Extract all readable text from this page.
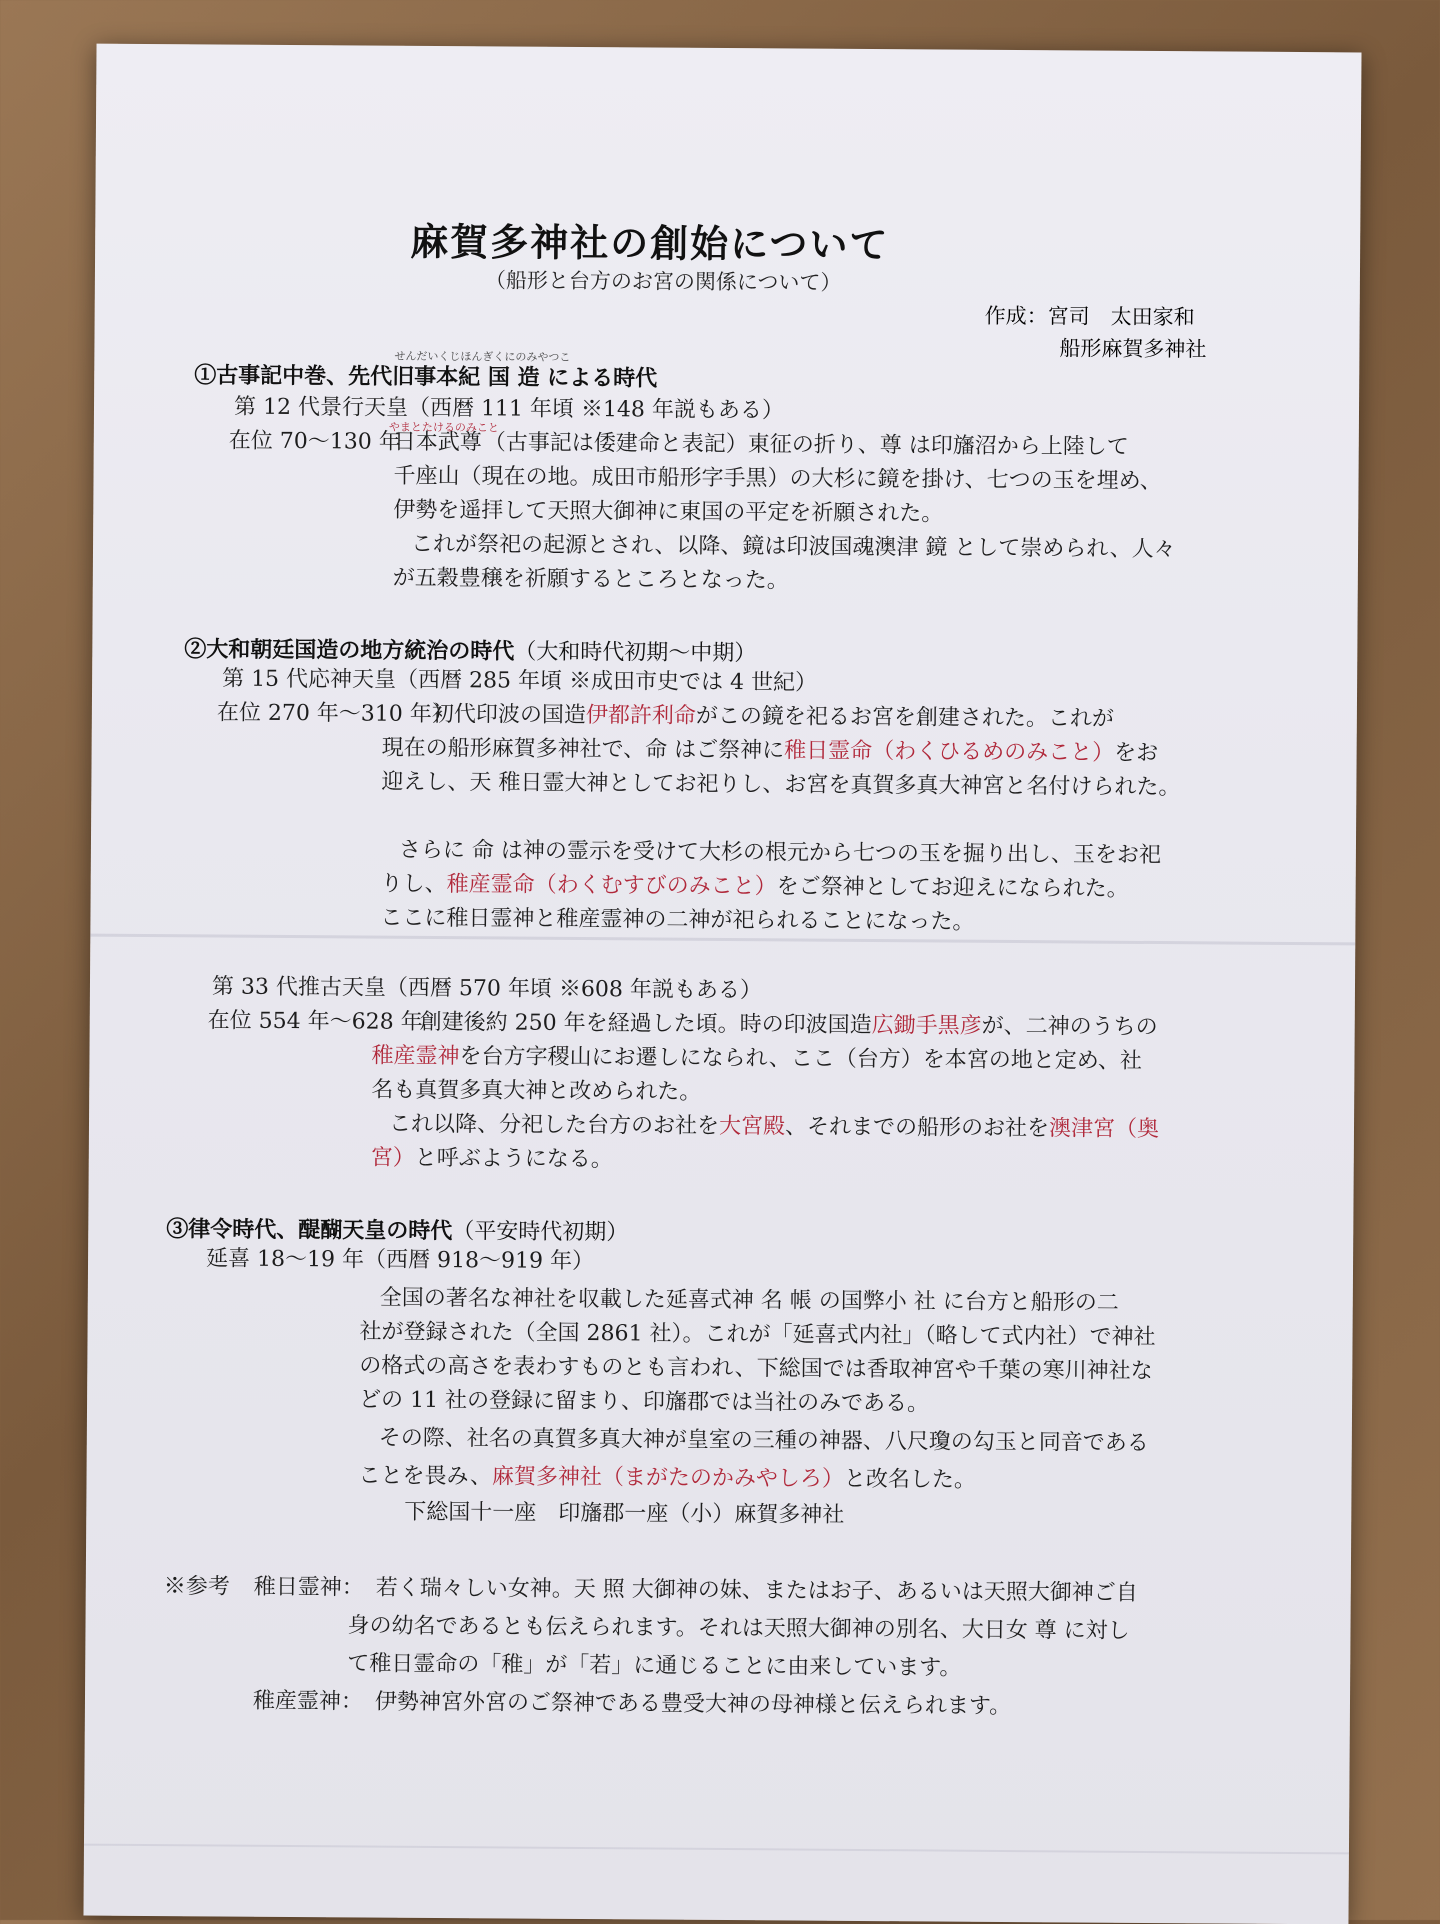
麻賀多神社の創始について
（船形と台方のお宮の関係について）
作成：宮司　太田家和
船形麻賀多神社
せんだいくじほんぎくにのみやつこ
①古事記中巻、先代旧事本紀 国 造 による時代
第 12 代景行天皇（西暦 111 年頃 ※148 年説もある）
在位 70～130 年
やまとたけるのみこと
日本武尊 （古事記は倭建命と表記）東征の折り、尊 は印旛沼から上陸して
千座山（現在の地。成田市船形字手黒）の大杉に鏡を掛け、七つの玉を埋め、
伊勢を遥拝して天照大御神に東国の平定を祈願された。
これが祭祀の起源とされ、以降、鏡は印波国魂澳津 鏡 として崇められ、人々
が五穀豊穣を祈願するところとなった。
②大和朝廷国造の地方統治の時代（大和時代初期～中期）
第 15 代応神天皇（西暦 285 年頃 ※成田市史では 4 世紀）
在位 270 年～310 年）
初代印波の国造伊都許利命がこの鏡を祀るお宮を創建された。これが
現在の船形麻賀多神社で、命 はご祭神に稚日霊命（わくひるめのみこと）をお
迎えし、天 稚日霊大神としてお祀りし、お宮を真賀多真大神宮と名付けられた。
さらに 命 は神の霊示を受けて大杉の根元から七つの玉を掘り出し、玉をお祀
りし、稚産霊命（わくむすびのみこと）をご祭神としてお迎えになられた。
ここに稚日霊神と稚産霊神の二神が祀られることになった。
第 33 代推古天皇（西暦 570 年頃 ※608 年説もある）
在位 554 年～628 年
創建後約 250 年を経過した頃。時の印波国造広鋤手黒彦が、二神のうちの
稚産霊神を台方字稷山にお遷しになられ、ここ（台方）を本宮の地と定め、社
名も真賀多真大神と改められた。
これ以降、分祀した台方のお社を大宮殿、それまでの船形のお社を澳津宮（奥
宮）と呼ぶようになる。
③律令時代、醍醐天皇の時代（平安時代初期）
延喜 18～19 年（西暦 918～919 年）
全国の著名な神社を収載した延喜式神 名 帳 の国弊小 社 に台方と船形の二
社が登録された（全国 2861 社）。これが「延喜式内社」（略して式内社）で神社
の格式の高さを表わすものとも言われ、下総国では香取神宮や千葉の寒川神社な
どの 11 社の登録に留まり、印旛郡では当社のみである。
その際、社名の真賀多真大神が皇室の三種の神器、八尺瓊の勾玉と同音である
ことを畏み、麻賀多神社（まがたのかみやしろ）と改名した。
下総国十一座　印旛郡一座（小）麻賀多神社
※参考 稚日霊神： 若く瑞々しい女神。天 照 大御神の妹、またはお子、あるいは天照大御神ご自
身の幼名であるとも伝えられます。それは天照大御神の別名、大日女 尊 に対し
て稚日霊命の「稚」が「若」に通じることに由来しています。
稚産霊神： 伊勢神宮外宮のご祭神である豊受大神の母神様と伝えられます。
